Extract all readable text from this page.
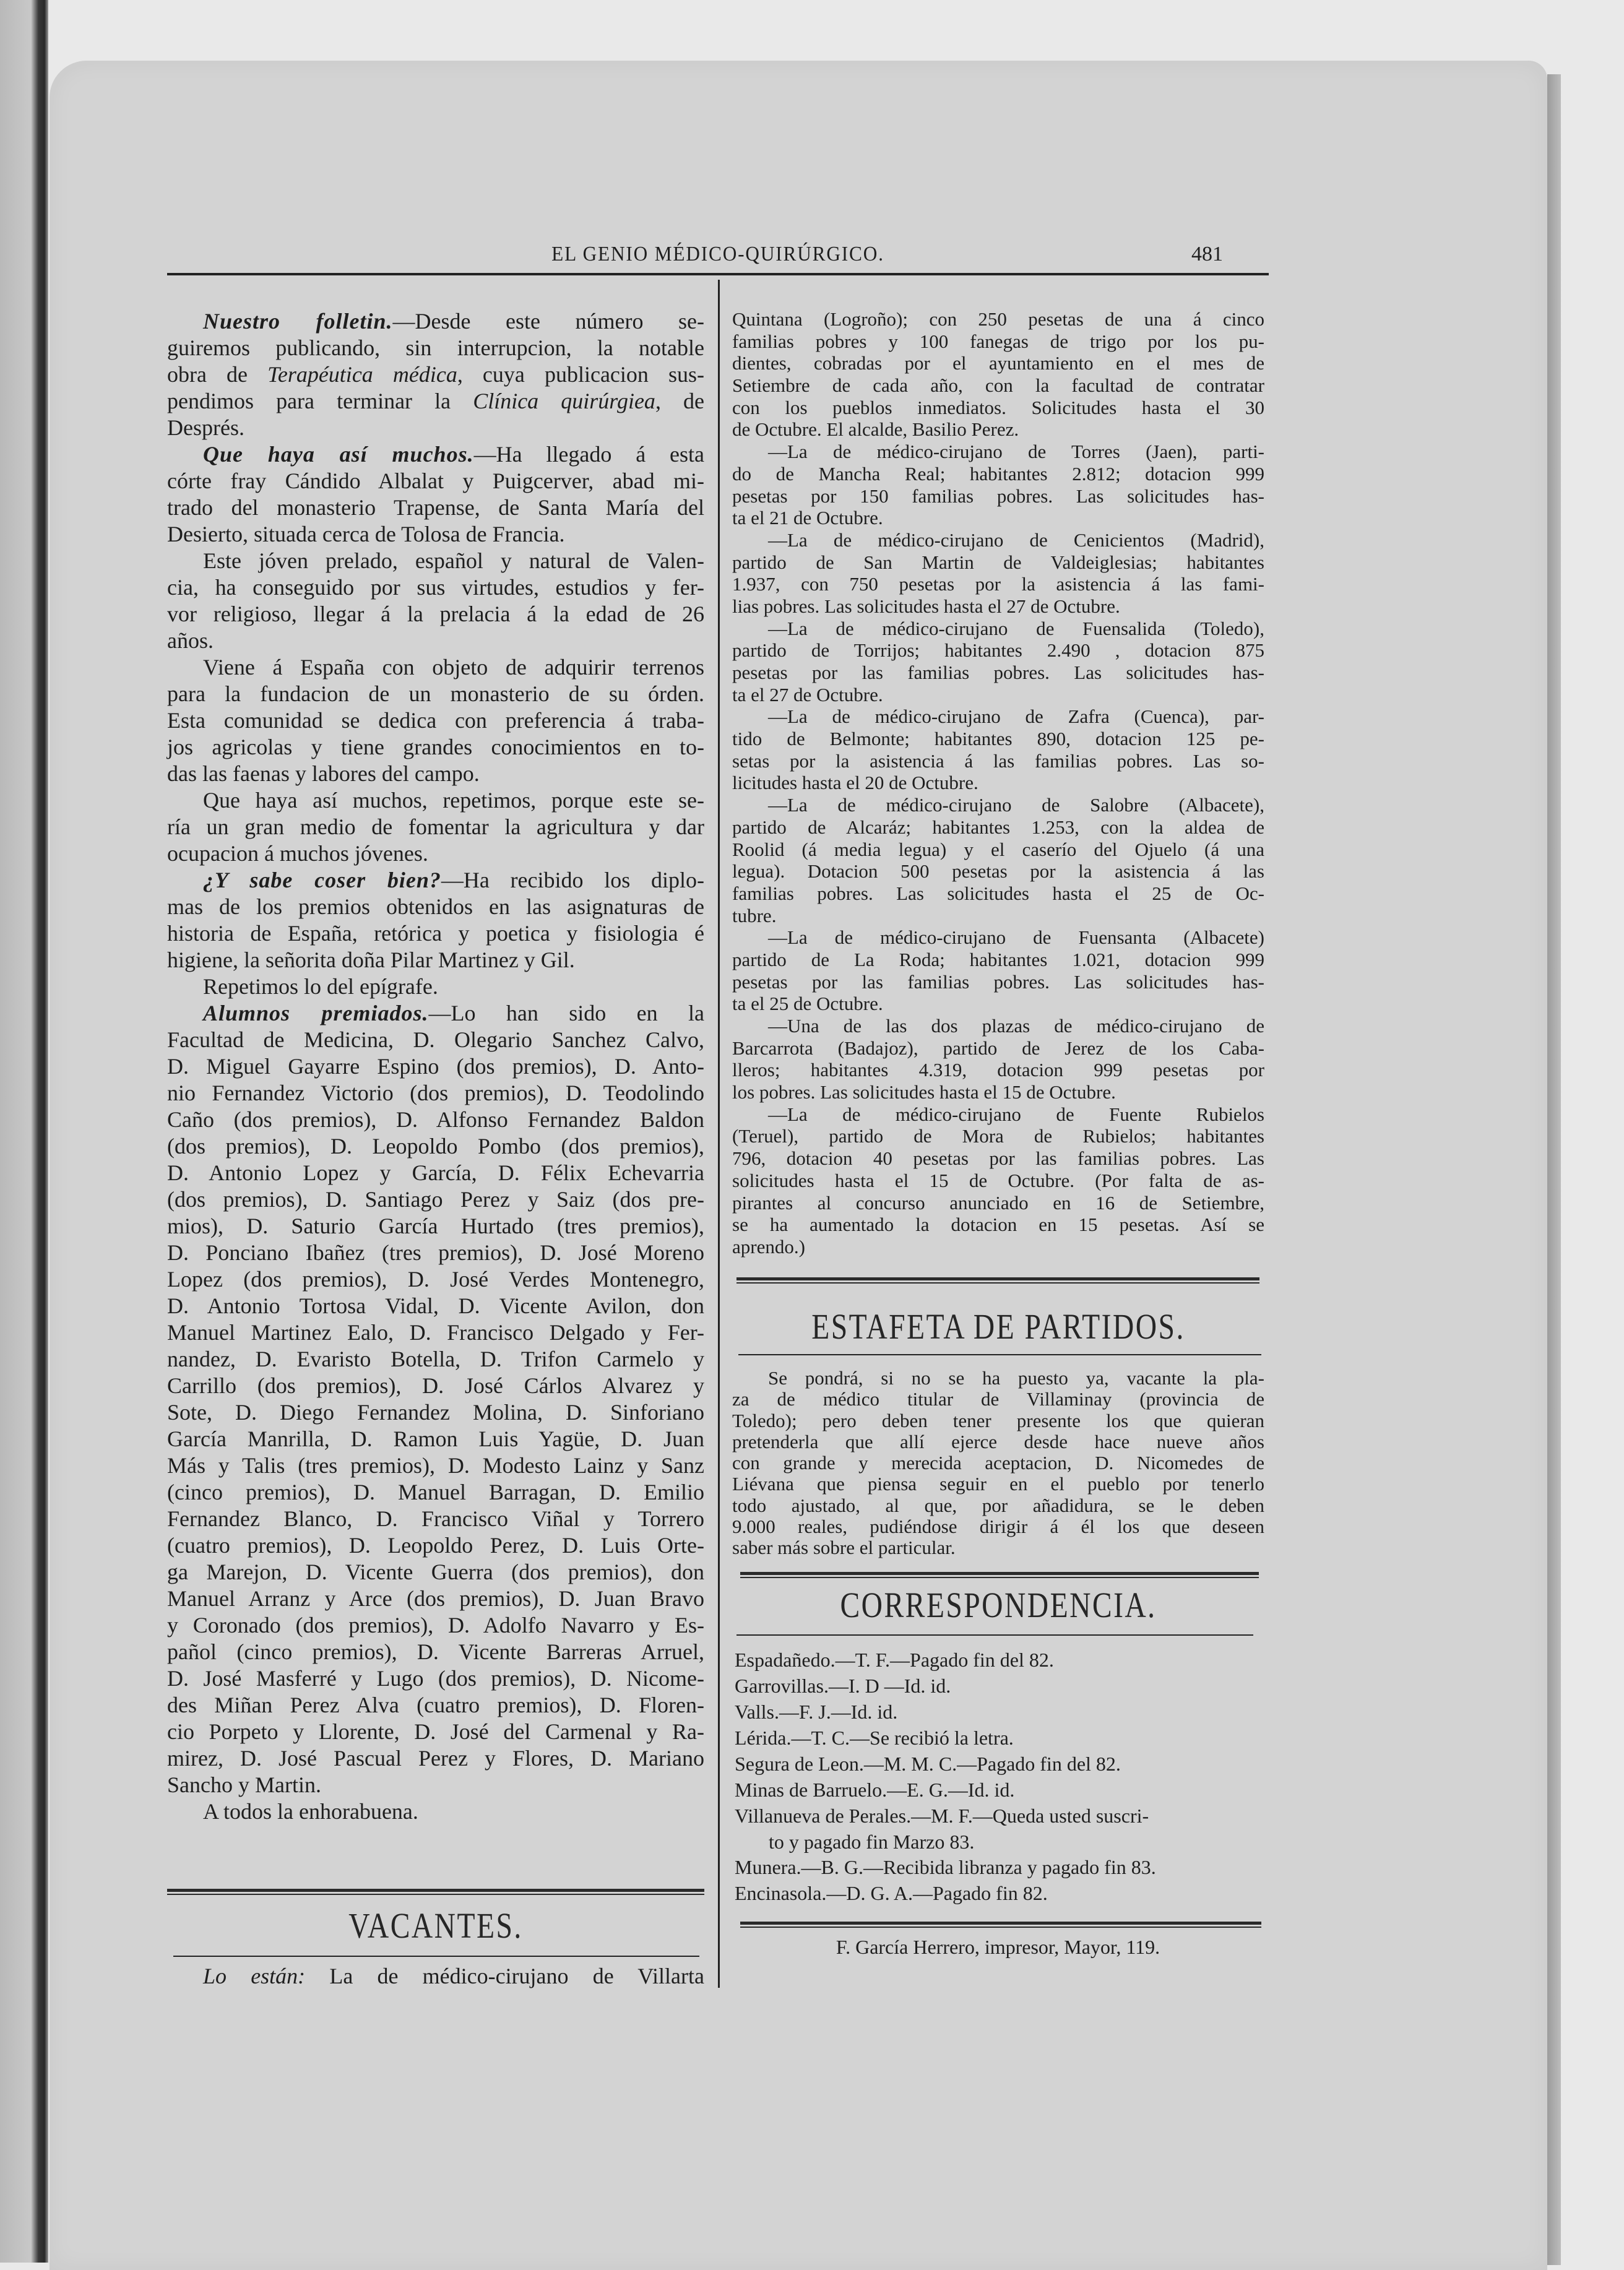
EL GENIO MÉDICO-QUIRÚRGICO.	481
Nuestro folletin.—Desde este número se-
guiremos publicando, sin interrupcion, la notable
obra de Terapéutica médica, cuya publicacion sus-
pendimos para terminar la Clínica quirúrgiea, de
Després.
Que haya así muchos.—Ha llegado á esta
córte fray Cándido Albalat y Puigcerver, abad mi-
trado del monasterio Trapense, de Santa María del
Desierto, situada cerca de Tolosa de Francia.
Este jóven prelado, español y natural de Valen-
cia, ha conseguido por sus virtudes, estudios y fer-
vor religioso, llegar á la prelacia á la edad de 26
años.
Viene á España con objeto de adquirir terrenos
para la fundacion de un monasterio de su órden.
Esta comunidad se dedica con preferencia á traba-
jos agricolas y tiene grandes conocimientos en to-
das las faenas y labores del campo.
Que haya así muchos, repetimos, porque este se-
ría un gran medio de fomentar la agricultura y dar
ocupacion á muchos jóvenes.
¿Y sabe coser bien?—Ha recibido los diplo-
mas de los premios obtenidos en las asignaturas de
historia de España, retórica y poetica y fisiologia é
higiene, la señorita doña Pilar Martinez y Gil.
Repetimos lo del epígrafe.
Alumnos premiados.—Lo han sido en la
Facultad de Medicina, D. Olegario Sanchez Calvo,
D. Miguel Gayarre Espino (dos premios), D. Anto-
nio Fernandez Victorio (dos premios), D. Teodolindo
Caño (dos premios), D. Alfonso Fernandez Baldon
(dos premios), D. Leopoldo Pombo (dos premios),
D. Antonio Lopez y García, D. Félix Echevarria
(dos premios), D. Santiago Perez y Saiz (dos pre-
mios), D. Saturio García Hurtado (tres premios),
D. Ponciano Ibañez (tres premios), D. José Moreno
Lopez (dos premios), D. José Verdes Montenegro,
D. Antonio Tortosa Vidal, D. Vicente Avilon, don
Manuel Martinez Ealo, D. Francisco Delgado y Fer-
nandez, D. Evaristo Botella, D. Trifon Carmelo y
Carrillo (dos premios), D. José Cárlos Alvarez y
Sote, D. Diego Fernandez Molina, D. Sinforiano
García Manrilla, D. Ramon Luis Yagüe, D. Juan
Más y Talis (tres premios), D. Modesto Lainz y Sanz
(cinco premios), D. Manuel Barragan, D. Emilio
Fernandez Blanco, D. Francisco Viñal y Torrero
(cuatro premios), D. Leopoldo Perez, D. Luis Orte-
ga Marejon, D. Vicente Guerra (dos premios), don
Manuel Arranz y Arce (dos premios), D. Juan Bravo
y Coronado (dos premios), D. Adolfo Navarro y Es-
pañol (cinco premios), D. Vicente Barreras Arruel,
D. José Masferré y Lugo (dos premios), D. Nicome-
des Miñan Perez Alva (cuatro premios), D. Floren-
cio Porpeto y Llorente, D. José del Carmenal y Ra-
mirez, D. José Pascual Perez y Flores, D. Mariano
Sancho y Martin.
A todos la enhorabuena.
VACANTES.
Lo están: La de médico-cirujano de Villarta
Quintana (Logroño); con 250 pesetas de una á cinco
familias pobres y 100 fanegas de trigo por los pu-
dientes, cobradas por el ayuntamiento en el mes de
Setiembre de cada año, con la facultad de contratar
con los pueblos inmediatos. Solicitudes hasta el 30
de Octubre. El alcalde, Basilio Perez.
—La de médico-cirujano de Torres (Jaen), parti-
do de Mancha Real; habitantes 2.812; dotacion 999
pesetas por 150 familias pobres. Las solicitudes has-
ta el 21 de Octubre.
—La de médico-cirujano de Cenicientos (Madrid),
partido de San Martin de Valdeiglesias; habitantes
1.937, con 750 pesetas por la asistencia á las fami-
lias pobres. Las solicitudes hasta el 27 de Octubre.
—La de médico-cirujano de Fuensalida (Toledo),
partido de Torrijos; habitantes 2.490 , dotacion 875
pesetas por las familias pobres. Las solicitudes has-
ta el 27 de Octubre.
—La de médico-cirujano de Zafra (Cuenca), par-
tido de Belmonte; habitantes 890, dotacion 125 pe-
setas por la asistencia á las familias pobres. Las so-
licitudes hasta el 20 de Octubre.
—La de médico-cirujano de Salobre (Albacete),
partido de Alcaráz; habitantes 1.253, con la aldea de
Roolid (á media legua) y el caserío del Ojuelo (á una
legua). Dotacion 500 pesetas por la asistencia á las
familias pobres. Las solicitudes hasta el 25 de Oc-
tubre.
—La de médico-cirujano de Fuensanta (Albacete)
partido de La Roda; habitantes 1.021, dotacion 999
pesetas por las familias pobres. Las solicitudes has-
ta el 25 de Octubre.
—Una de las dos plazas de médico-cirujano de
Barcarrota (Badajoz), partido de Jerez de los Caba-
lleros; habitantes 4.319, dotacion 999 pesetas por
los pobres. Las solicitudes hasta el 15 de Octubre.
—La de médico-cirujano de Fuente Rubielos
(Teruel), partido de Mora de Rubielos; habitantes
796, dotacion 40 pesetas por las familias pobres. Las
solicitudes hasta el 15 de Octubre. (Por falta de as-
pirantes al concurso anunciado en 16 de Setiembre,
se ha aumentado la dotacion en 15 pesetas. Así se
aprendo.)
ESTAFETA DE PARTIDOS.
Se pondrá, si no se ha puesto ya, vacante la pla-
za de médico titular de Villaminay (provincia de
Toledo); pero deben tener presente los que quieran
pretenderla que allí ejerce desde hace nueve años
con grande y merecida aceptacion, D. Nicomedes de
Liévana que piensa seguir en el pueblo por tenerlo
todo ajustado, al que, por añadidura, se le deben
9.000 reales, pudiéndose dirigir á él los que deseen
saber más sobre el particular.
CORRESPONDENCIA.
Espadañedo.—T. F.—Pagado fin del 82.
Garrovillas.—I. D —Id. id.
Valls.—F. J.—Id. id.
Lérida.—T. C.—Se recibió la letra.
Segura de Leon.—M. M. C.—Pagado fin del 82.
Minas de Barruelo.—E. G.—Id. id.
Villanueva de Perales.—M. F.—Queda usted suscri-
to y pagado fin Marzo 83.
Munera.—B. G.—Recibida libranza y pagado fin 83.
Encinasola.—D. G. A.—Pagado fin 82.
F. García Herrero, impresor, Mayor, 119.
